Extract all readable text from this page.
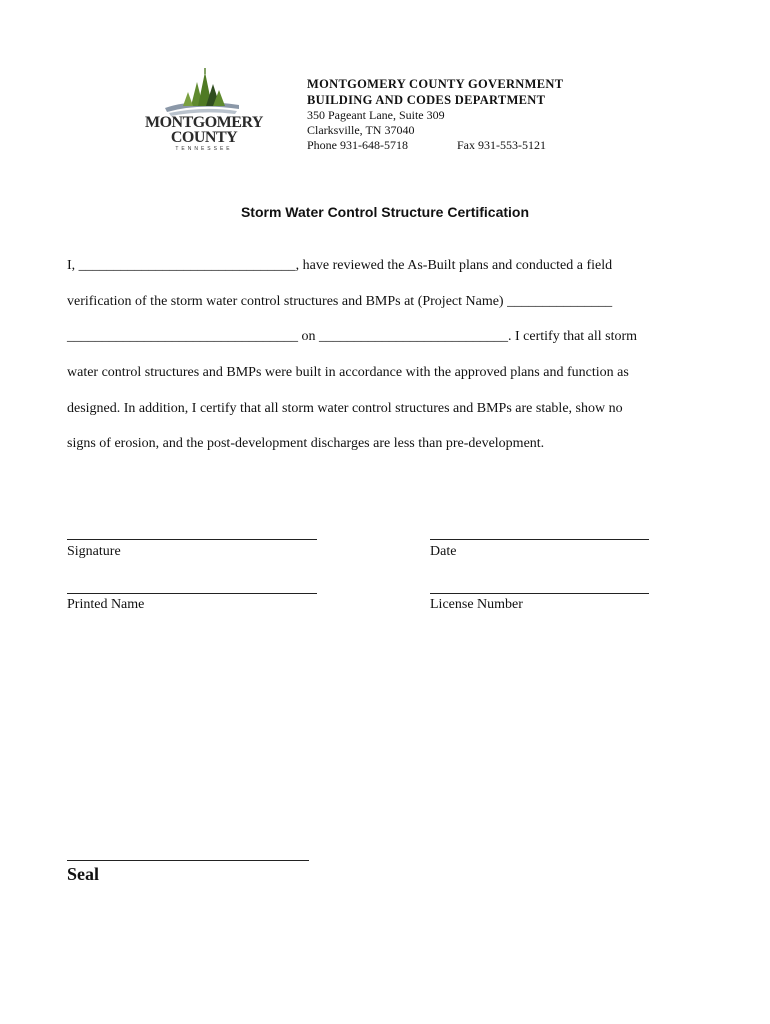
MONTGOMERY
COUNTY
TENNESSEE
MONTGOMERY COUNTY GOVERNMENT
BUILDING AND CODES DEPARTMENT
350 Pageant Lane, Suite 309
Clarksville, TN 37040
Phone 931-648-5718	Fax 931-553-5121
Storm Water Control Structure Certification
I, _______________________________, have reviewed the As-Built plans and conducted a field
verification of the storm water control structures and BMPs at (Project Name) _______________
_________________________________ on ___________________________. I certify that all storm
water control structures and BMPs were built in accordance with the approved plans and function as
designed. In addition, I certify that all storm water control structures and BMPs are stable, show no
signs of erosion, and the post-development discharges are less than pre-development.
Signature	Date
Printed Name	License Number
Seal
